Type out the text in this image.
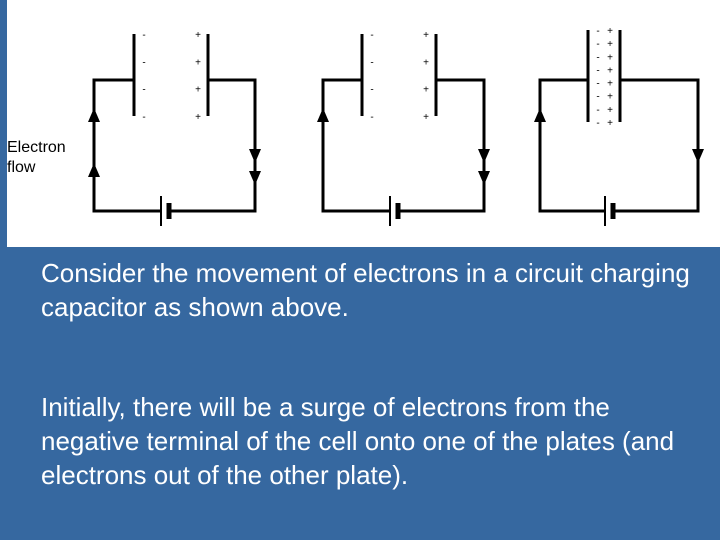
-
-
-
-
+
+
+
+
-
-
-
-
+
+
+
+
-
-
-
-
-
-
-
-
+
+
+
+
+
+
+
+
Electron flow
Consider the movement of electrons in a circuit charging capacitor as shown above.
Initially, there will be a surge of electrons from the negative terminal of the cell onto one of the plates (and electrons out of the other plate).
